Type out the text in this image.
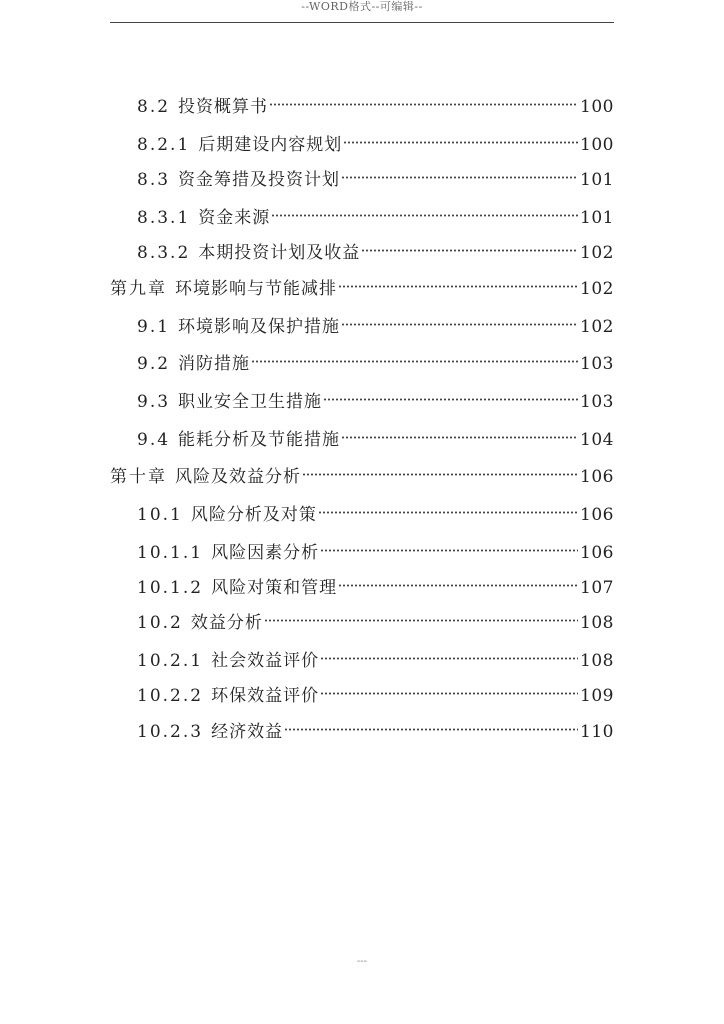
--WORD格式--可编辑--
8.2 投资概算书	100
8.2.1 后期建设内容规划	100
8.3 资金筹措及投资计划	101
8.3.1 资金来源	101
8.3.2 本期投资计划及收益	102
第九章 环境影响与节能减排	102
9.1 环境影响及保护措施	102
9.2 消防措施	103
9.3 职业安全卫生措施	103
9.4 能耗分析及节能措施	104
第十章 风险及效益分析	106
10.1 风险分析及对策	106
10.1.1 风险因素分析	106
10.1.2 风险对策和管理	107
10.2 效益分析	108
10.2.1 社会效益评价	108
10.2.2 环保效益评价	109
10.2.3 经济效益	110
---
